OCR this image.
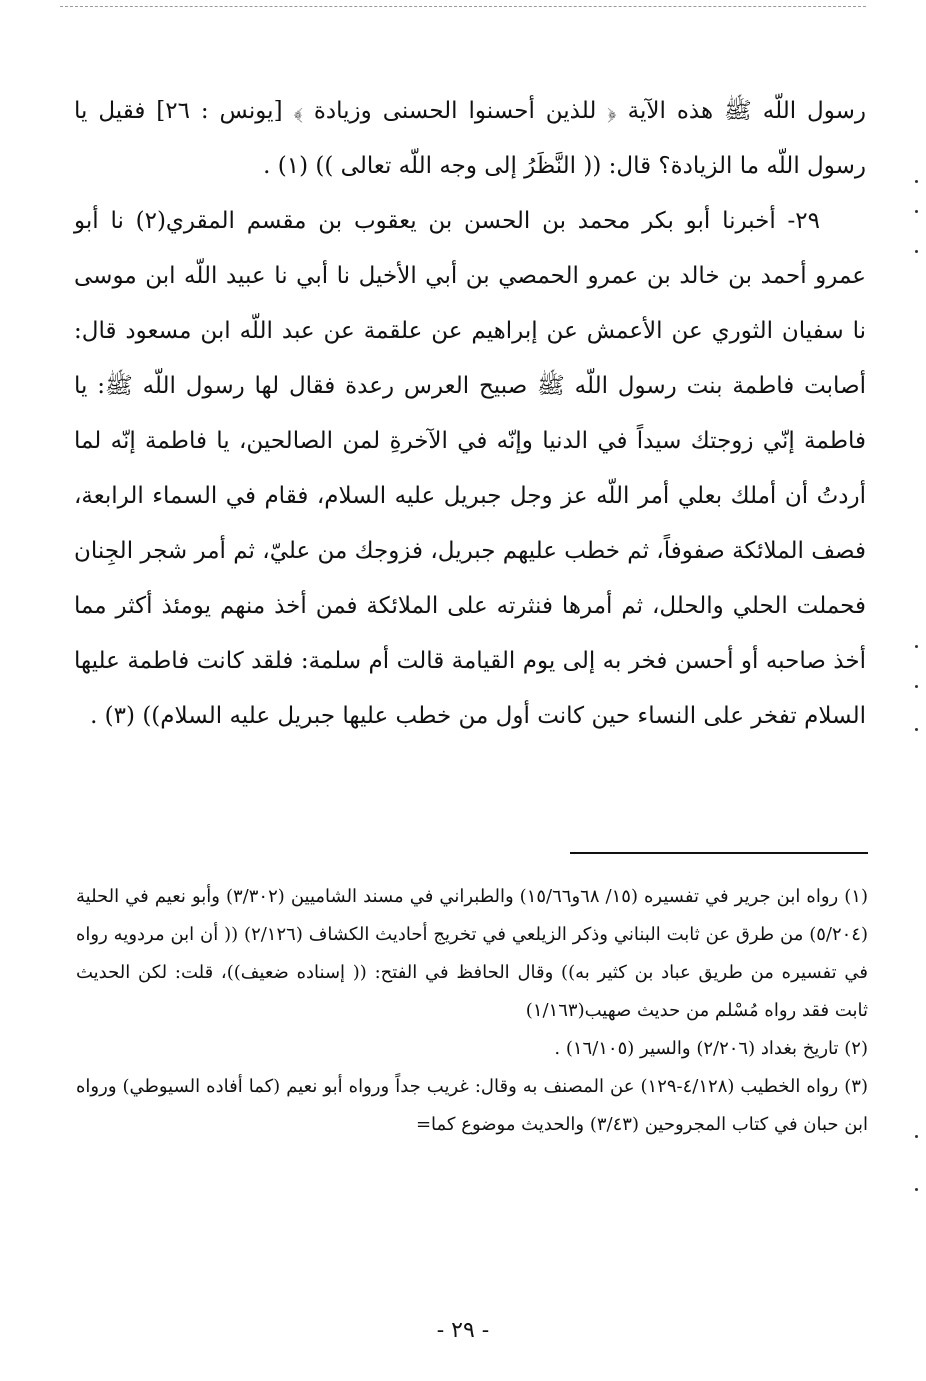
رسول اللّه ﷺ هذه الآية ﴿ للذين أحسنوا الحسنى وزيادة ﴾ [يونس : ٢٦] فقيل يا رسول اللّه ما الزيادة؟ قال: (( النَّظَرُ إلى وجه اللّه تعالى )) (١) .

٢٩- أخبرنا أبو بكر محمد بن الحسن بن يعقوب بن مقسم المقري(٢) نا أبو عمرو أحمد بن خالد بن عمرو الحمصي بن أبي الأخيل نا أبي نا عبيد اللّه ابن موسى نا سفيان الثوري عن الأعمش عن إبراهيم عن علقمة عن عبد اللّه ابن مسعود قال: أصابت فاطمة بنت رسول اللّه ﷺ صبيح العرس رعدة فقال لها رسول اللّه ﷺ: يا فاطمة إنّي زوجتك سيداً في الدنيا وإنّه في الآخرةِ لمن الصالحين، يا فاطمة إنّه لما أردتُ أن أملك بعلي أمر اللّه عز وجل جبريل عليه السلام، فقام في السماء الرابعة، فصف الملائكة صفوفاً، ثم خطب عليهم جبريل، فزوجك من عليّ، ثم أمر شجر الجِنان فحملت الحلي والحلل، ثم أمرها فنثرته على الملائكة فمن أخذ منهم يومئذ أكثر مما أخذ صاحبه أو أحسن فخر به إلى يوم القيامة قالت أم سلمة: فلقد كانت فاطمة عليها السلام تفخر على النساء حين كانت أول من خطب عليها جبريل عليه السلام)) (٣) .

(١) رواه ابن جرير في تفسيره (١٥/ ٦٨و١٥/٦٦) والطبراني في مسند الشاميين (٣/٣٠٢) وأبو نعيم في الحلية (٥/٢٠٤) من طرق عن ثابت البناني وذكر الزيلعي في تخريج أحاديث الكشاف (٢/١٢٦) (( أن ابن مردويه رواه في تفسيره من طريق عباد بن كثير به)) وقال الحافظ في الفتح: (( إسناده ضعيف))، قلت: لكن الحديث ثابت فقد رواه مُسْلم من حديث صهيب(١/١٦٣)

(٢) تاريخ بغداد (٢/٢٠٦) والسير (١٦/١٠٥) .

(٣) رواه الخطيب (٤/١٢٨-١٢٩) عن المصنف به وقال: غريب جداً ورواه أبو نعيم (كما أفاده السيوطي) ورواه ابن حبان في كتاب المجروحين (٣/٤٣) والحديث موضوع كما=

- ٢٩ -
